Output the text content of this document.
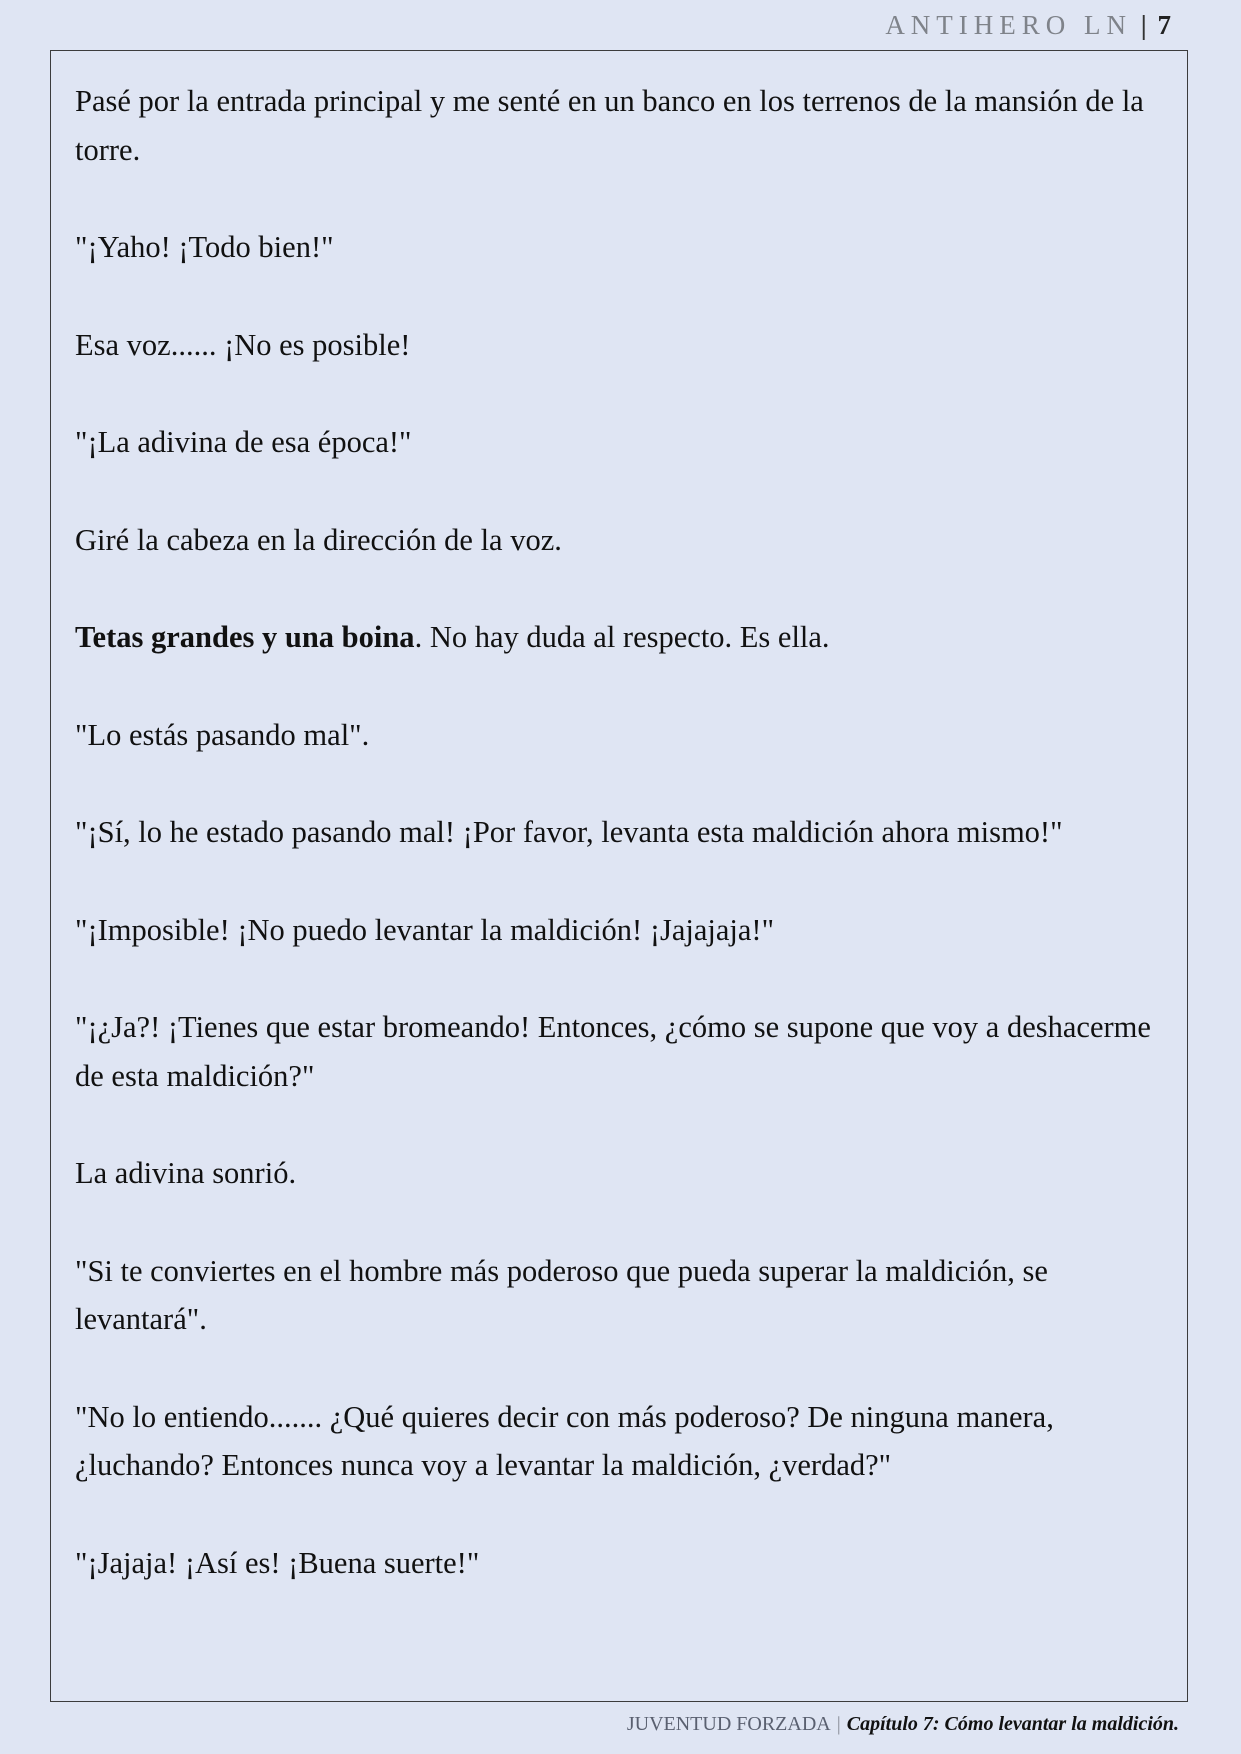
ANTIHERO LN | 7

Pasé por la entrada principal y me senté en un banco en los terrenos de la mansión de la torre.

"¡Yaho! ¡Todo bien!"

Esa voz...... ¡No es posible!

"¡La adivina de esa época!"

Giré la cabeza en la dirección de la voz.

Tetas grandes y una boina. No hay duda al respecto. Es ella.

"Lo estás pasando mal".

"¡Sí, lo he estado pasando mal! ¡Por favor, levanta esta maldición ahora mismo!"

"¡Imposible! ¡No puedo levantar la maldición! ¡Jajajaja!"

"¡¿Ja?! ¡Tienes que estar bromeando! Entonces, ¿cómo se supone que voy a deshacerme de esta maldición?"

La adivina sonrió.

"Si te conviertes en el hombre más poderoso que pueda superar la maldición, se levantará".

"No lo entiendo....... ¿Qué quieres decir con más poderoso? De ninguna manera, ¿luchando? Entonces nunca voy a levantar la maldición, ¿verdad?"

"¡Jajaja! ¡Así es! ¡Buena suerte!"

JUVENTUD FORZADA | Capítulo 7: Cómo levantar la maldición.
